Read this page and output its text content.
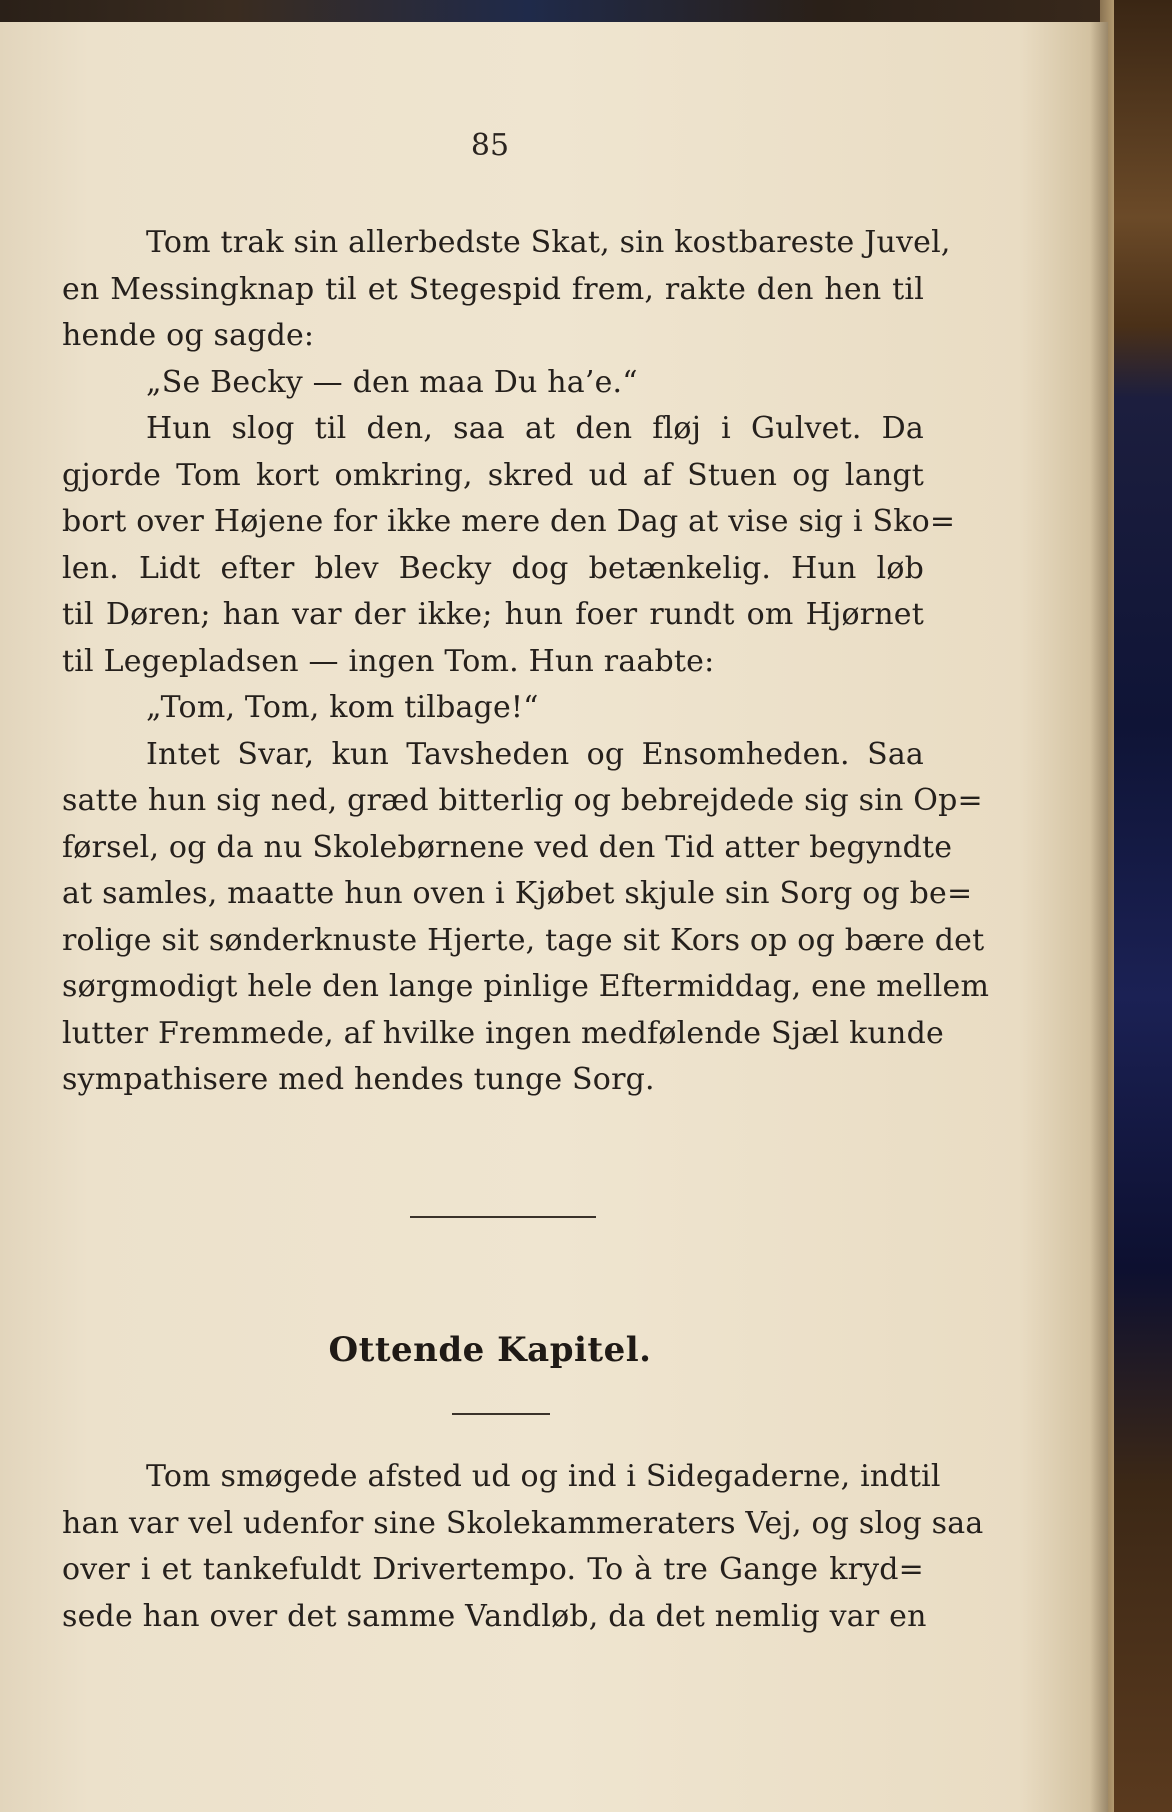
85
Tom trak sin allerbedste Skat, sin kostbareste Juvel,
en Messingknap til et Stegespid frem, rakte den hen til
hende og sagde:
„Se Becky — den maa Du ha’e.“
Hun slog til den, saa at den fløj i Gulvet. Da
gjorde Tom kort omkring, skred ud af Stuen og langt
bort over Højene for ikke mere den Dag at vise sig i Sko=
len. Lidt efter blev Becky dog betænkelig. Hun løb
til Døren; han var der ikke; hun foer rundt om Hjørnet
til Legepladsen — ingen Tom. Hun raabte:
„Tom, Tom, kom tilbage!“
Intet Svar, kun Tavsheden og Ensomheden. Saa
satte hun sig ned, græd bitterlig og bebrejdede sig sin Op=
førsel, og da nu Skolebørnene ved den Tid atter begyndte
at samles, maatte hun oven i Kjøbet skjule sin Sorg og be=
rolige sit sønderknuste Hjerte, tage sit Kors op og bære det
sørgmodigt hele den lange pinlige Eftermiddag, ene mellem
lutter Fremmede, af hvilke ingen medfølende Sjæl kunde
sympathisere med hendes tunge Sorg.
Ottende Kapitel.
Tom smøgede afsted ud og ind i Sidegaderne, indtil
han var vel udenfor sine Skolekammeraters Vej, og slog saa
over i et tankefuldt Drivertempo. To à tre Gange kryd=
sede han over det samme Vandløb, da det nemlig var en
